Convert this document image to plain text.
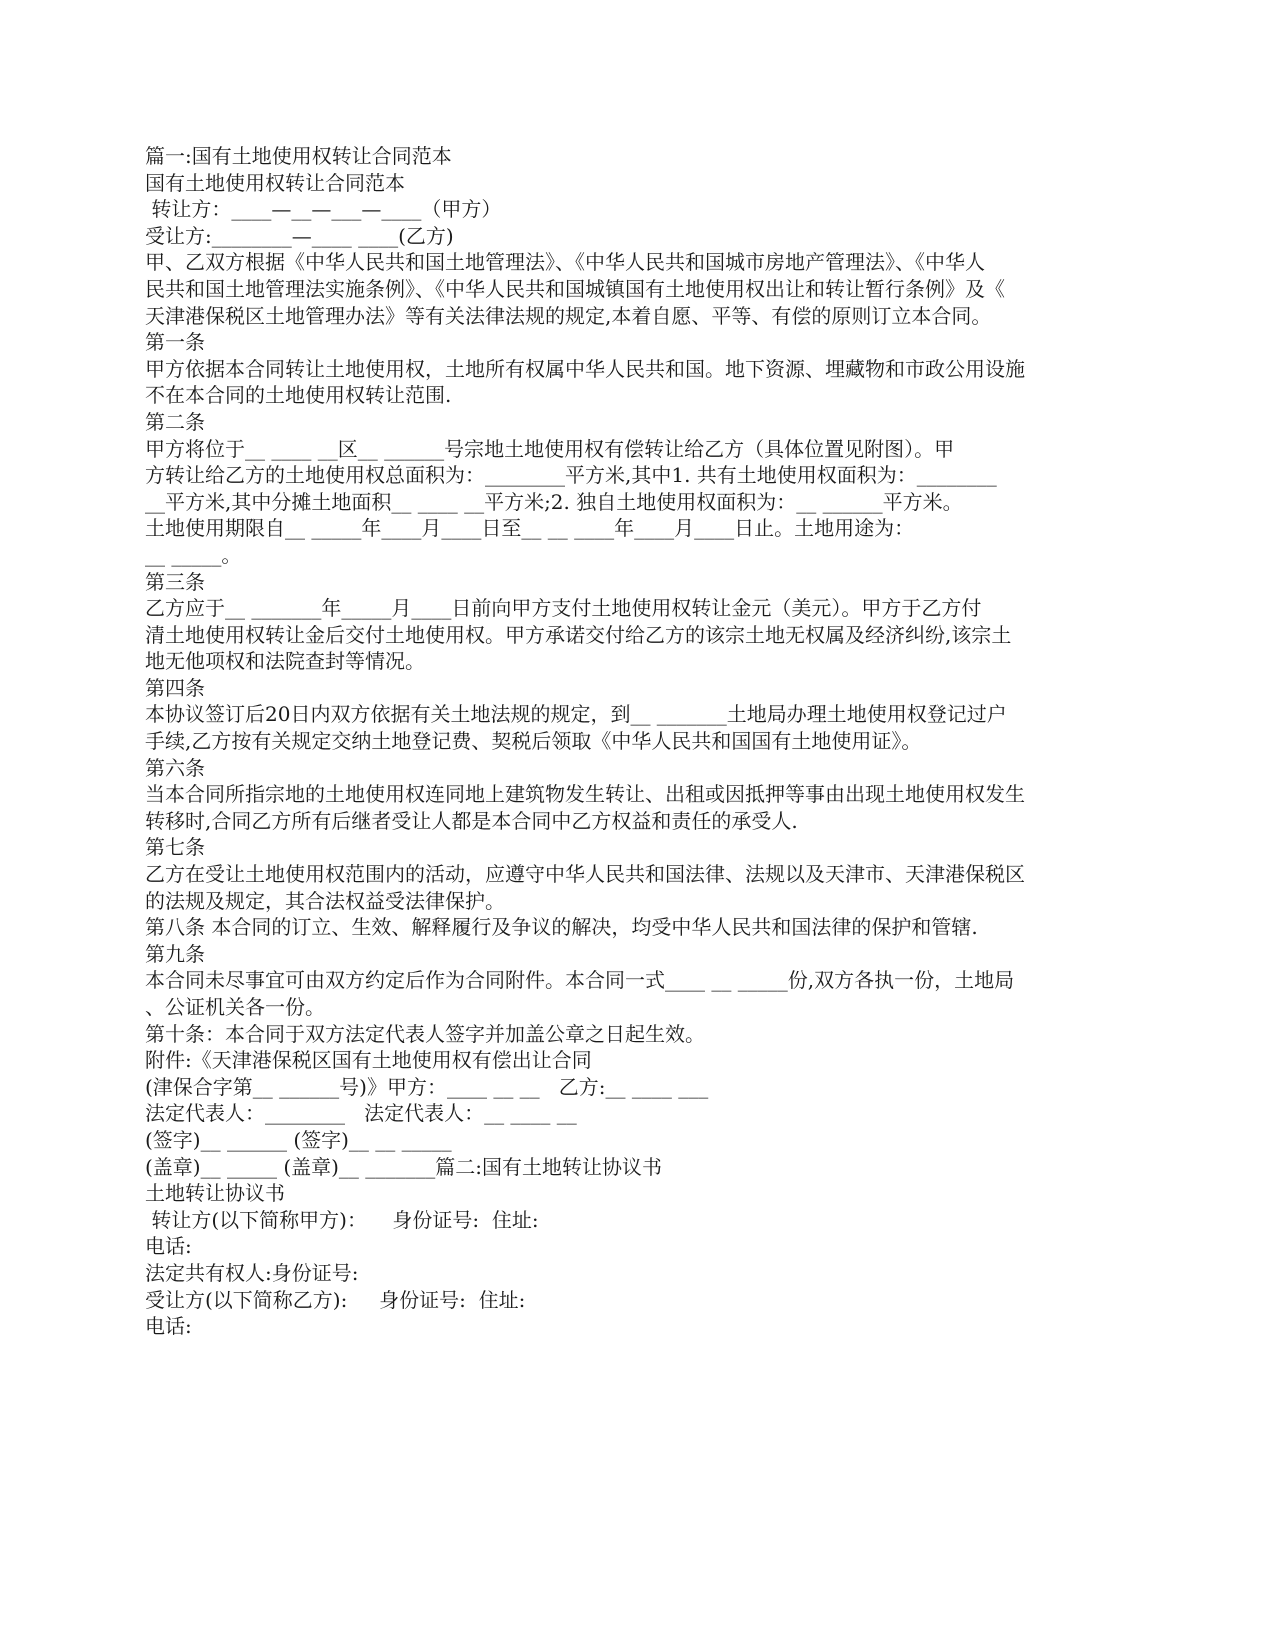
篇一:国有土地使用权转让合同范本
国有土地使用权转让合同范本
转让方：____—__—___—____（甲方）
受让方:________—____ ____(乙方)
甲、乙双方根据《中华人民共和国土地管理法》、《中华人民共和国城市房地产管理法》、《中华人
民共和国土地管理法实施条例》、《中华人民共和国城镇国有土地使用权出让和转让暂行条例》及《
天津港保税区土地管理办法》等有关法律法规的规定,本着自愿、平等、有偿的原则订立本合同。
第一条
甲方依据本合同转让土地使用权，土地所有权属中华人民共和国。地下资源、埋藏物和市政公用设施
不在本合同的土地使用权转让范围.
第二条
甲方将位于__ ____ __区__ ______号宗地土地使用权有偿转让给乙方（具体位置见附图）。甲
方转让给乙方的土地使用权总面积为：________平方米,其中1. 共有土地使用权面积为：________
__平方米,其中分摊土地面积__ ____ __平方米;2. 独自土地使用权面积为：__ ______平方米。
土地使用期限自__ _____年____月____日至__ __ ____年____月____日止。土地用途为：
__ _____。
第三条
乙方应于__ _______年_____月____日前向甲方支付土地使用权转让金元（美元）。甲方于乙方付
清土地使用权转让金后交付土地使用权。甲方承诺交付给乙方的该宗土地无权属及经济纠纷,该宗土
地无他项权和法院查封等情况。
第四条
本协议签订后20日内双方依据有关土地法规的规定，到__ _______土地局办理土地使用权登记过户
手续,乙方按有关规定交纳土地登记费、契税后领取《中华人民共和国国有土地使用证》。
第六条
当本合同所指宗地的土地使用权连同地上建筑物发生转让、出租或因抵押等事由出现土地使用权发生
转移时,合同乙方所有后继者受让人都是本合同中乙方权益和责任的承受人.
第七条
乙方在受让土地使用权范围内的活动，应遵守中华人民共和国法律、法规以及天津市、天津港保税区
的法规及规定，其合法权益受法律保护。
第八条 本合同的订立、生效、解释履行及争议的解决，均受中华人民共和国法律的保护和管辖.
第九条
本合同未尽事宜可由双方约定后作为合同附件。本合同一式____ __ _____份,双方各执一份，土地局
、公证机关各一份。
第十条：本合同于双方法定代表人签字并加盖公章之日起生效。
附件:《天津港保税区国有土地使用权有偿出让合同
(津保合字第__ ______号)》甲方：____ __ __   乙方:__ ____ ___
法定代表人：________   法定代表人：__ ____ __
(签字)__ ______ (签字)__ __ _____
(盖章)__ _____ (盖章)__ _______篇二:国有土地转让协议书
土地转让协议书
转让方(以下简称甲方)：    身份证号:  住址:
电话:
法定共有权人:身份证号:
受让方(以下简称乙方):     身份证号:  住址:
电话:
